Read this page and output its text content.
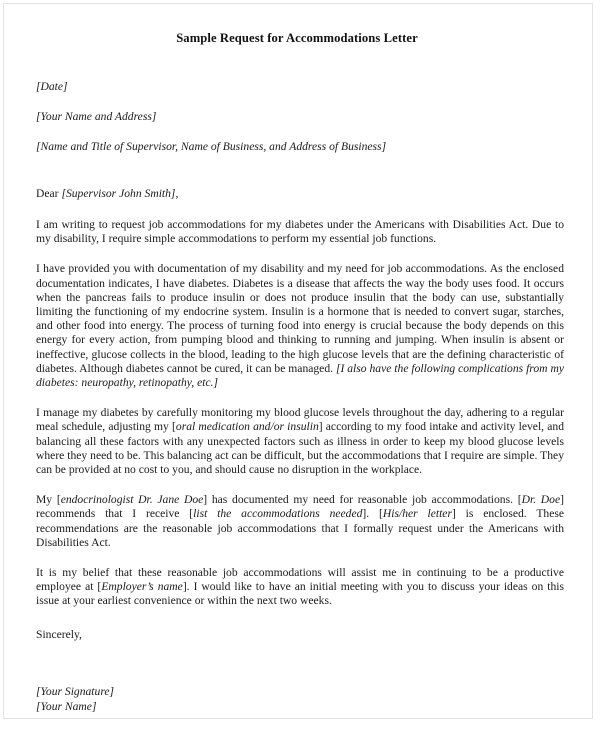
Sample Request for Accommodations Letter
[Date]
[Your Name and Address]
[Name and Title of Supervisor, Name of Business, and Address of Business]
Dear [Supervisor John Smith],

I am writing to request job accommodations for my diabetes under the Americans with Disabilities Act. Due to my disability, I require simple accommodations to perform my essential job functions.

I have provided you with documentation of my disability and my need for job accommodations. As the enclosed documentation indicates, I have diabetes. Diabetes is a disease that affects the way the body uses food. It occurs when the pancreas fails to produce insulin or does not produce insulin that the body can use, substantially limiting the functioning of my endocrine system. Insulin is a hormone that is needed to convert sugar, starches, and other food into energy. The process of turning food into energy is crucial because the body depends on this energy for every action, from pumping blood and thinking to running and jumping. When insulin is absent or ineffective, glucose collects in the blood, leading to the high glucose levels that are the defining characteristic of diabetes. Although diabetes cannot be cured, it can be managed. [I also have the following complications from my diabetes: neuropathy, retinopathy, etc.]

I manage my diabetes by carefully monitoring my blood glucose levels throughout the day, adhering to a regular meal schedule, adjusting my [oral medication and/or insulin] according to my food intake and activity level, and balancing all these factors with any unexpected factors such as illness in order to keep my blood glucose levels where they need to be. This balancing act can be difficult, but the accommodations that I require are simple. They can be provided at no cost to you, and should cause no disruption in the workplace.

My [endocrinologist Dr. Jane Doe] has documented my need for reasonable job accommodations. [Dr. Doe] recommends that I receive [list the accommodations needed]. [His/her letter] is enclosed. These recommendations are the reasonable job accommodations that I formally request under the Americans with Disabilities Act.

It is my belief that these reasonable job accommodations will assist me in continuing to be a productive employee at [Employer’s name]. I would like to have an initial meeting with you to discuss your ideas on this issue at your earliest convenience or within the next two weeks.

Sincerely,
[Your Signature]
[Your Name]
